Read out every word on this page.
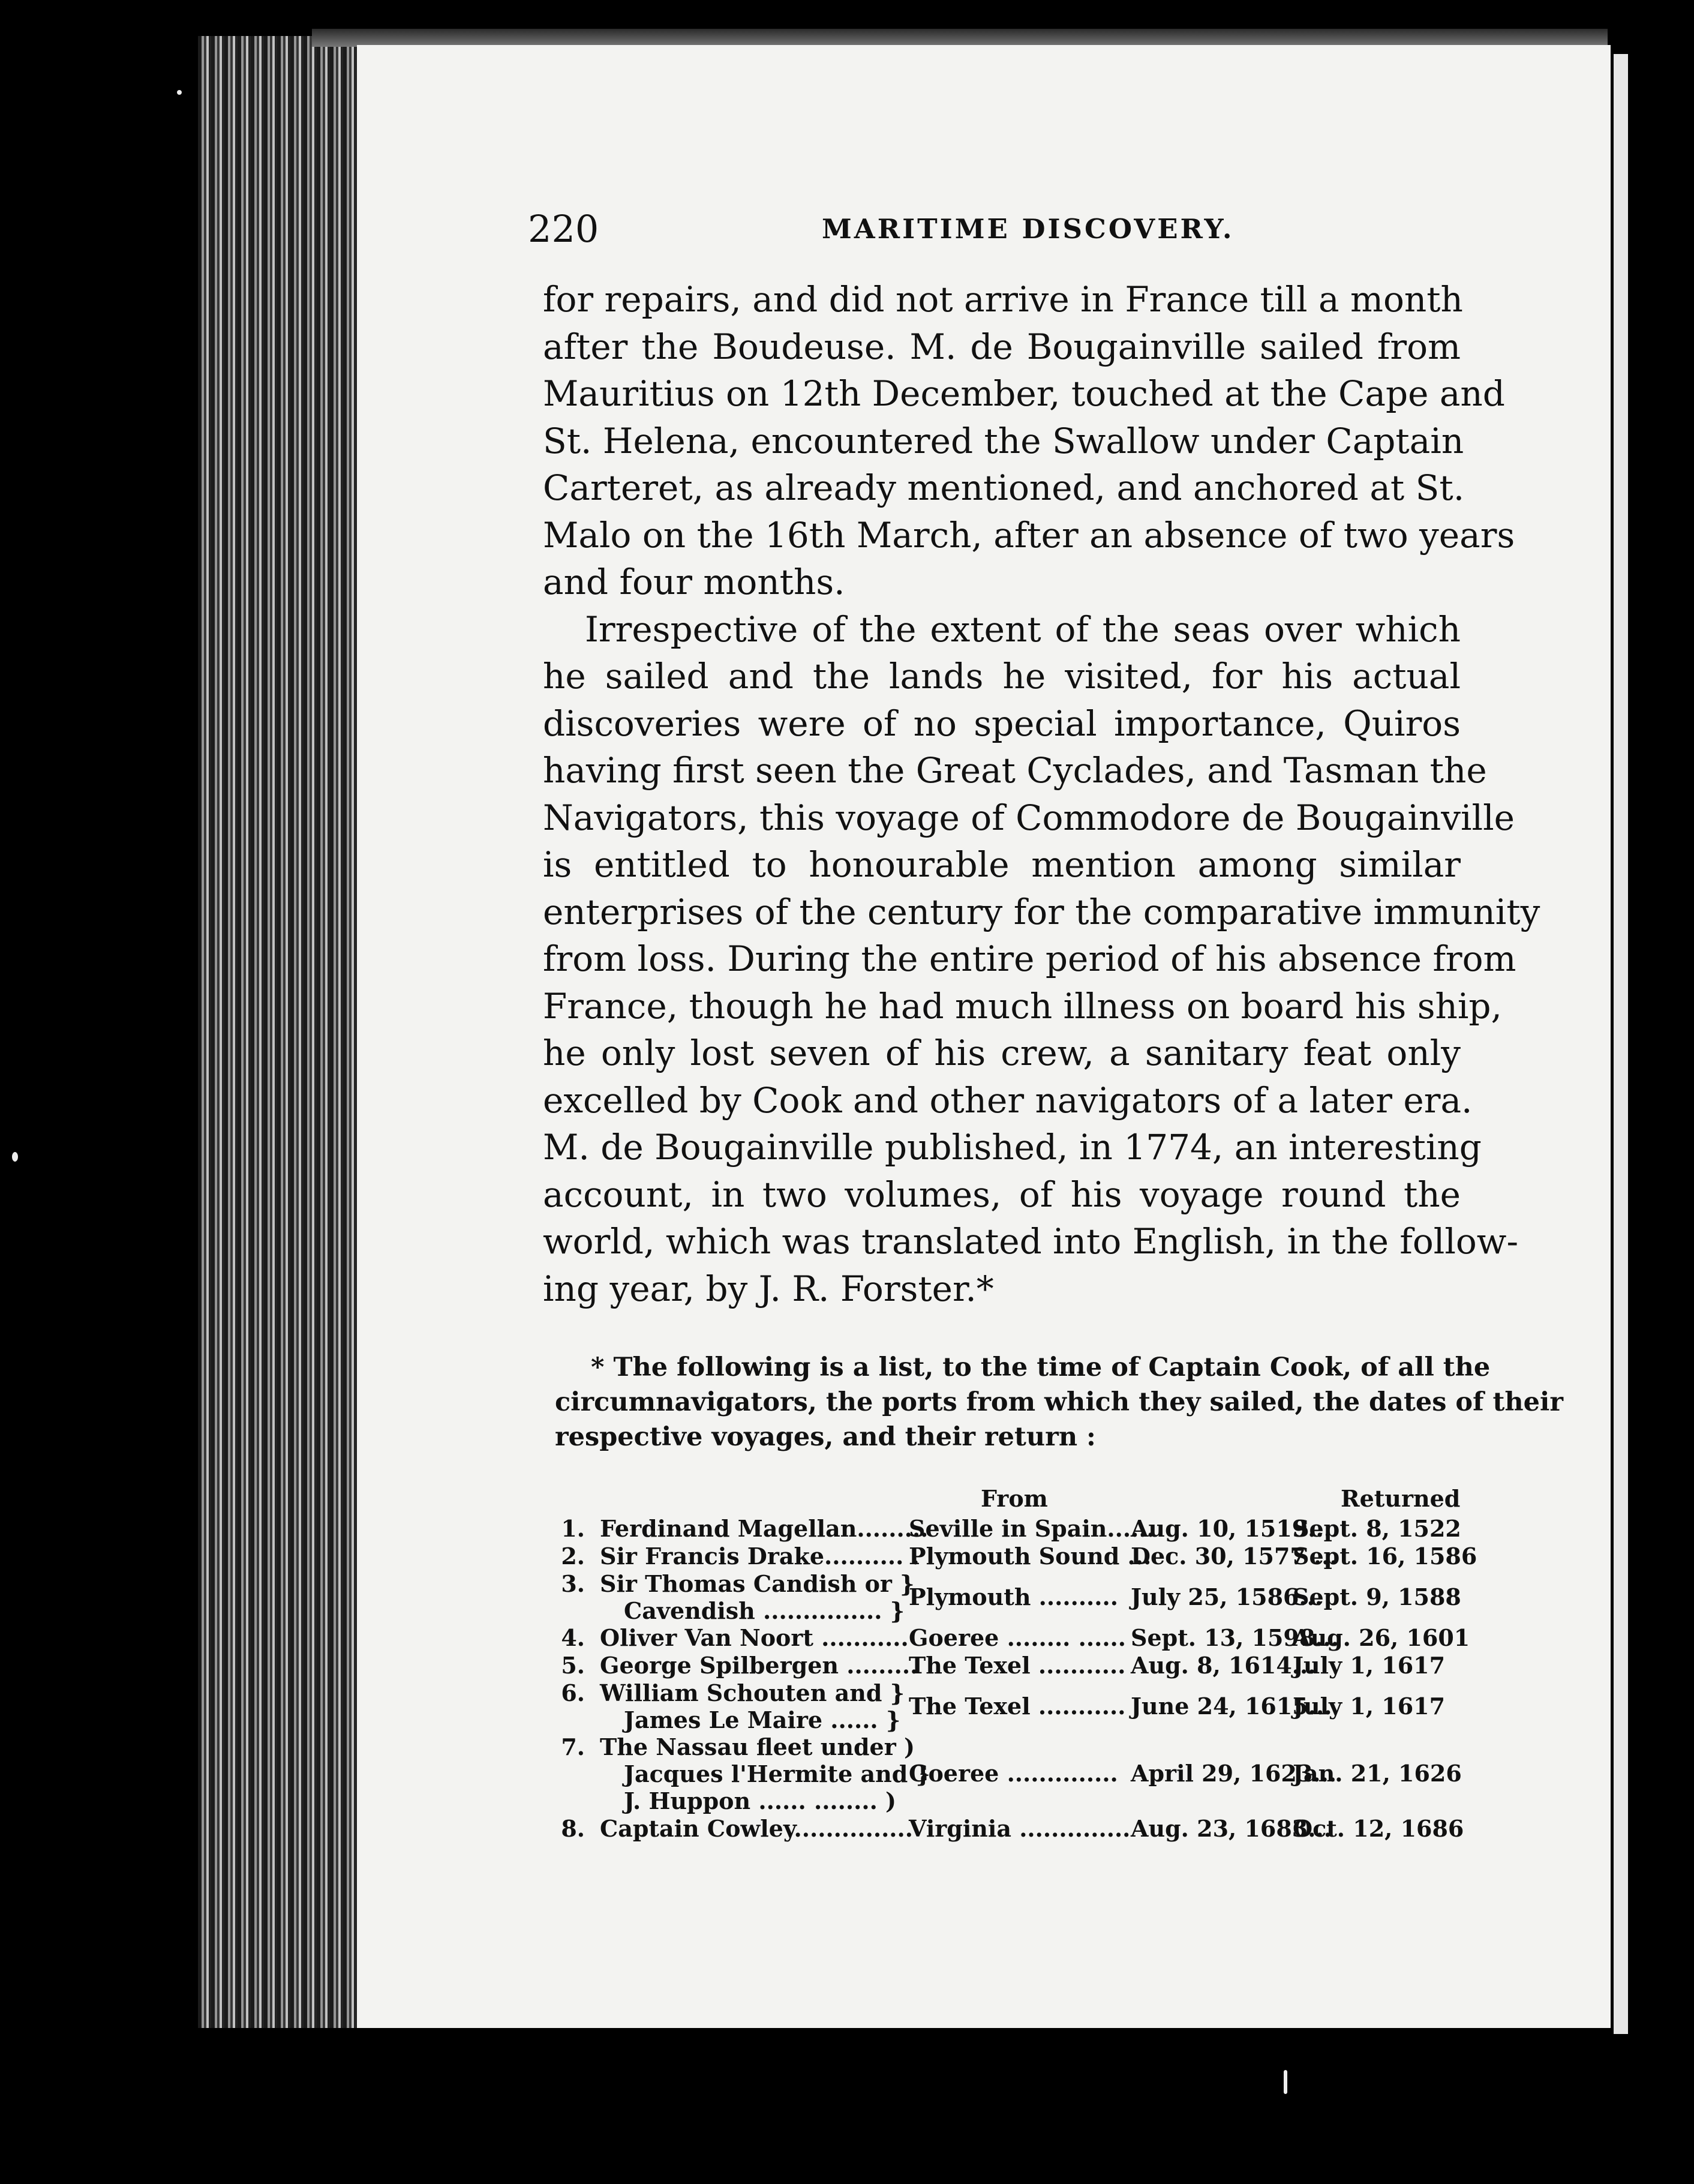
220	MARITIME DISCOVERY.

for repairs, and did not arrive in France till a month
after the Boudeuse. M. de Bougainville sailed from
Mauritius on 12th December, touched at the Cape and
St. Helena, encountered the Swallow under Captain
Carteret, as already mentioned, and anchored at St.
Malo on the 16th March, after an absence of two years
and four months.

Irrespective of the extent of the seas over which
he sailed and the lands he visited, for his actual
discoveries were of no special importance, Quiros
having first seen the Great Cyclades, and Tasman the
Navigators, this voyage of Commodore de Bougainville
is entitled to honourable mention among similar
enterprises of the century for the comparative immunity
from loss. During the entire period of his absence from
France, though he had much illness on board his ship,
he only lost seven of his crew, a sanitary feat only
excelled by Cook and other navigators of a later era.
M. de Bougainville published, in 1774, an interesting
account, in two volumes, of his voyage round the
world, which was translated into English, in the follow-
ing year, by J. R. Forster.*

* The following is a list, to the time of Captain Cook, of all the
circumnavigators, the ports from which they sailed, the dates of their
respective voyages, and their return :
From	Returned
1. Ferdinand Magellan.........
Seville in Spain......
Aug. 10, 1519...
Sept. 8, 1522
2. Sir Francis Drake.......... .
Plymouth Sound ...
Dec. 30, 1577 ...
Sept. 16, 1586
3. Sir Thomas Candish or }
Cavendish ............... }
Plymouth .......... July 25, 1586...
Sept. 9, 1588
4. Oliver Van Noort ........... Goeree ........ ...... Sept. 13, 1598...
Aug. 26, 1601
5. George Spilbergen .........
The Texel ........... Aug. 8, 1614...
July 1, 1617
6. William Schouten and }
James Le Maire ...... }
The Texel ........... June 24, 1615...
July 1, 1617
7. The Nassau fleet under )
Jacques l'Hermite and }
J. Huppon ...... ........ )
Goeree .............. April 29, 1623...
Jan. 21, 1626
8. Captain Cowley...............
Virginia .............. Aug. 23, 1683...
Oct. 12, 1686
